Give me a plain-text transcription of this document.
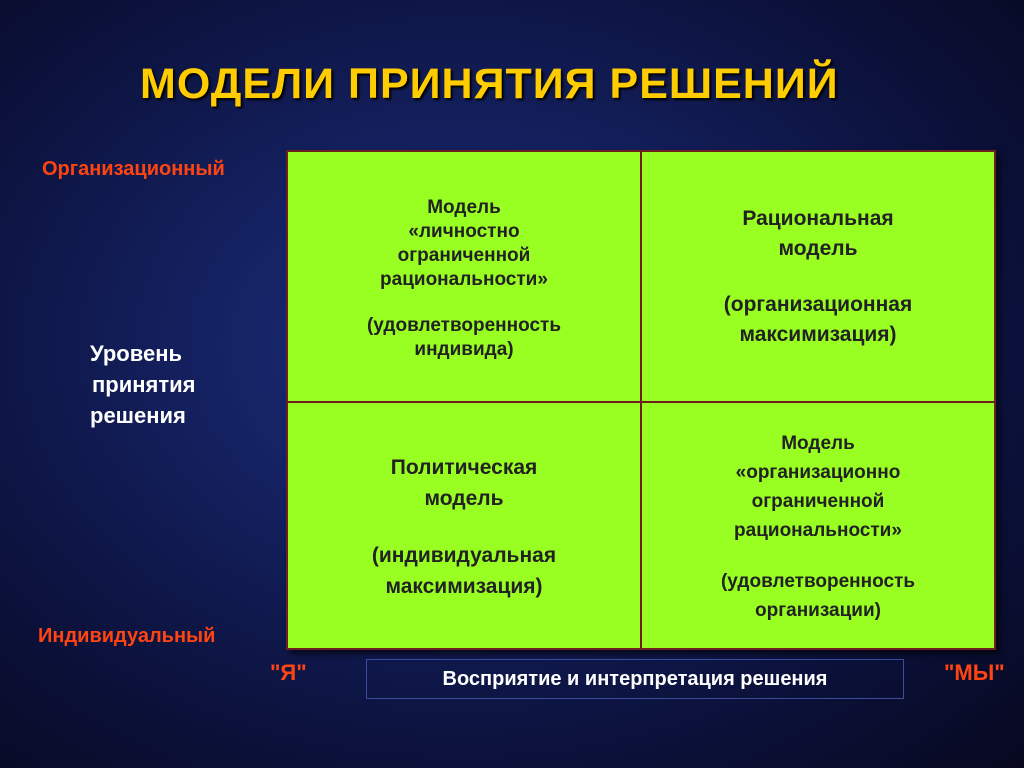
МОДЕЛИ ПРИНЯТИЯ РЕШЕНИЙ
Организационный
Индивидуальный
Уровень
принятия
решения
Модель
«личностно
ограниченной
рациональности»
(удовлетворенность
индивида)
Рациональная
модель
(организационная
максимизация)
Политическая
модель
(индивидуальная
максимизация)
Модель
«организационно
ограниченной
рациональности»
(удовлетворенность
организации)
"Я"	Восприятие и интерпретация решения	"МЫ"
